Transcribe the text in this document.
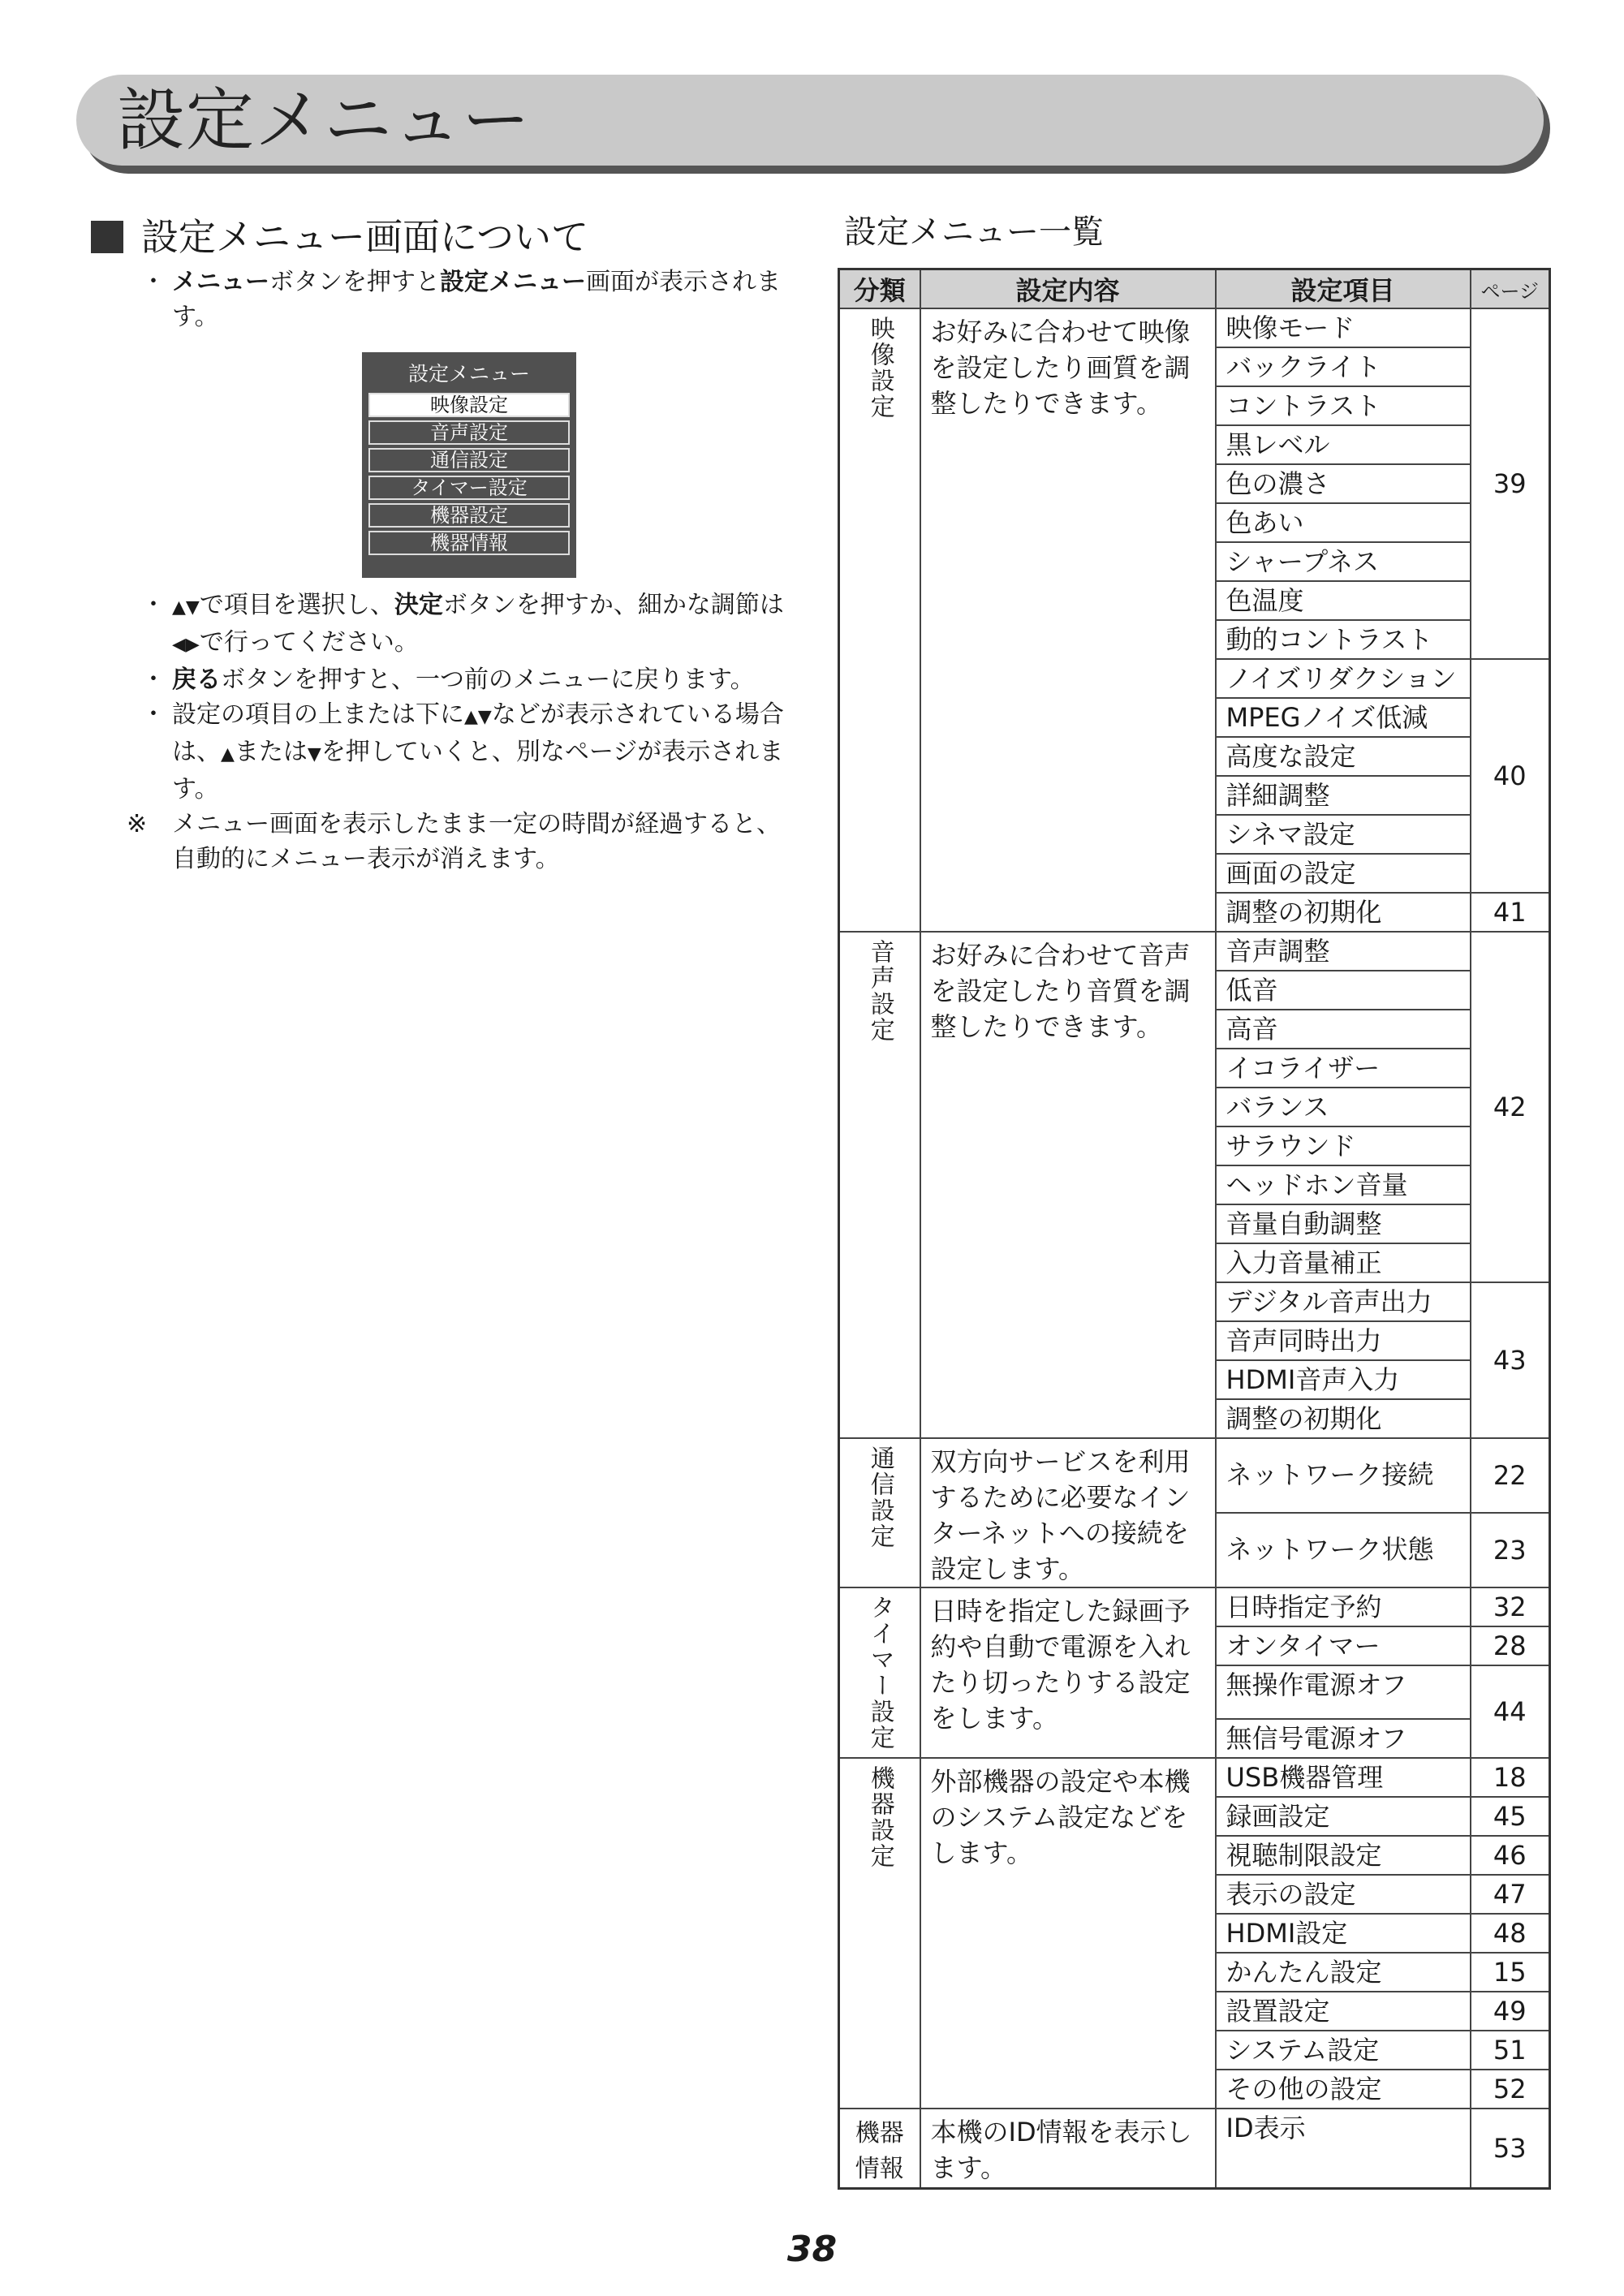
設定メニュー
設定メニュー画面について

・ メニューボタンを押すと設定メニュー画面が表示されます。

設定メニュー
映像設定
音声設定
通信設定
タイマー設定
機器設定
機器情報

・ ▲▼で項目を選択し、決定ボタンを押すか、細かな調節は◀▶で行ってください。

・ 戻るボタンを押すと、一つ前のメニューに戻ります。

・ 設定の項目の上または下に▲▼などが表示されている場合は、▲または▼を押していくと、別なページが表示されます。

※ メニュー画面を表示したまま一定の時間が経過すると、自動的にメニュー表示が消えます。

設定メニュー一覧
分類	設定内容	設定項目	ページ
映像設定	お好みに合わせて映像を設定したり画質を調整したりできます。	映像モード	39
		バックライト	
		コントラスト	
		黒レベル	
		色の濃さ	
		色あい	
		シャープネス	
		色温度	
		動的コントラスト	
		ノイズリダクション	40
		MPEGノイズ低減	
		高度な設定	
		詳細調整	
		シネマ設定	
		画面の設定	
		調整の初期化	41
音声設定	お好みに合わせて音声を設定したり音質を調整したりできます。	音声調整	42
		低音	
		高音	
		イコライザー	
		バランス	
		サラウンド	
		ヘッドホン音量	
		音量自動調整	
		入力音量補正	
		デジタル音声出力	43
		音声同時出力	
		HDMI音声入力	
		調整の初期化	
通信設定	双方向サービスを利用するために必要なインターネットへの接続を設定します。	ネットワーク接続	22
		ネットワーク状態	23
タイマー設定	日時を指定した録画予約や自動で電源を入れたり切ったりする設定をします。	日時指定予約	32
		オンタイマー	28
		無操作電源オフ	44
		無信号電源オフ	
機器設定	外部機器の設定や本機のシステム設定などをします。	USB機器管理	18
		録画設定	45
		視聴制限設定	46
		表示の設定	47
		HDMI設定	48
		かんたん設定	15
		設置設定	49
		システム設定	51
		その他の設定	52
機器情報	本機のID情報を表示します。	ID表示	53
38
